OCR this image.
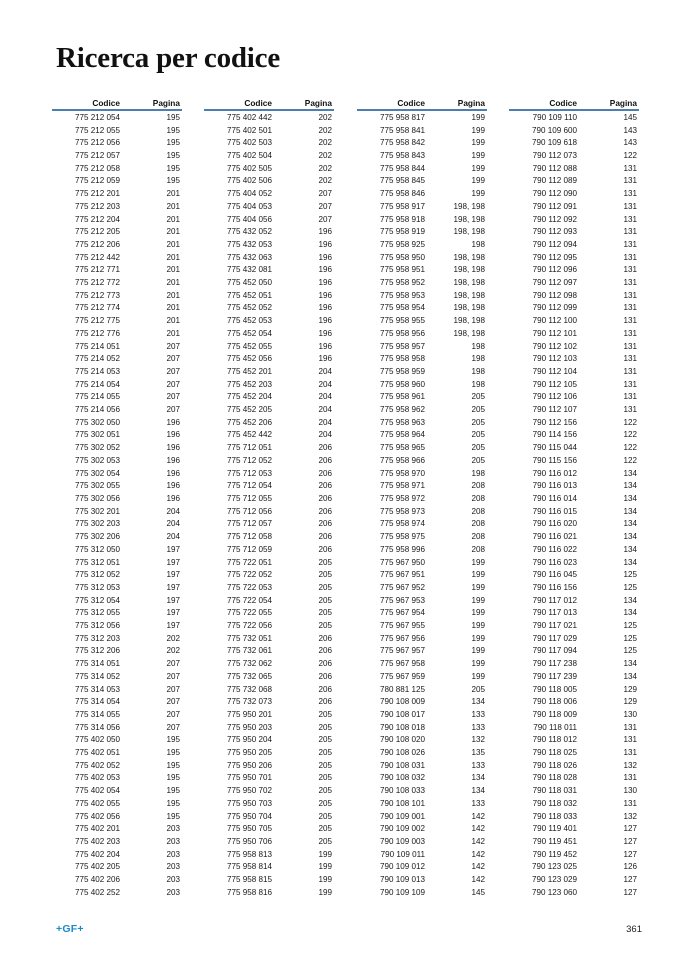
Ricerca per codice
Codice	Pagina
775 212 054	195
775 212 055	195
775 212 056	195
775 212 057	195
775 212 058	195
775 212 059	195
775 212 201	201
775 212 203	201
775 212 204	201
775 212 205	201
775 212 206	201
775 212 442	201
775 212 771	201
775 212 772	201
775 212 773	201
775 212 774	201
775 212 775	201
775 212 776	201
775 214 051	207
775 214 052	207
775 214 053	207
775 214 054	207
775 214 055	207
775 214 056	207
775 302 050	196
775 302 051	196
775 302 052	196
775 302 053	196
775 302 054	196
775 302 055	196
775 302 056	196
775 302 201	204
775 302 203	204
775 302 206	204
775 312 050	197
775 312 051	197
775 312 052	197
775 312 053	197
775 312 054	197
775 312 055	197
775 312 056	197
775 312 203	202
775 312 206	202
775 314 051	207
775 314 052	207
775 314 053	207
775 314 054	207
775 314 055	207
775 314 056	207
775 402 050	195
775 402 051	195
775 402 052	195
775 402 053	195
775 402 054	195
775 402 055	195
775 402 056	195
775 402 201	203
775 402 203	203
775 402 204	203
775 402 205	203
775 402 206	203
775 402 252	203
Codice	Pagina
775 402 442	202
775 402 501	202
775 402 503	202
775 402 504	202
775 402 505	202
775 402 506	202
775 404 052	207
775 404 053	207
775 404 056	207
775 432 052	196
775 432 053	196
775 432 063	196
775 432 081	196
775 452 050	196
775 452 051	196
775 452 052	196
775 452 053	196
775 452 054	196
775 452 055	196
775 452 056	196
775 452 201	204
775 452 203	204
775 452 204	204
775 452 205	204
775 452 206	204
775 452 442	204
775 712 051	206
775 712 052	206
775 712 053	206
775 712 054	206
775 712 055	206
775 712 056	206
775 712 057	206
775 712 058	206
775 712 059	206
775 722 051	205
775 722 052	205
775 722 053	205
775 722 054	205
775 722 055	205
775 722 056	205
775 732 051	206
775 732 061	206
775 732 062	206
775 732 065	206
775 732 068	206
775 732 073	206
775 950 201	205
775 950 203	205
775 950 204	205
775 950 205	205
775 950 206	205
775 950 701	205
775 950 702	205
775 950 703	205
775 950 704	205
775 950 705	205
775 950 706	205
775 958 813	199
775 958 814	199
775 958 815	199
775 958 816	199
Codice	Pagina
775 958 817	199
775 958 841	199
775 958 842	199
775 958 843	199
775 958 844	199
775 958 845	199
775 958 846	199
775 958 917	198, 198
775 958 918	198, 198
775 958 919	198, 198
775 958 925	198
775 958 950	198, 198
775 958 951	198, 198
775 958 952	198, 198
775 958 953	198, 198
775 958 954	198, 198
775 958 955	198, 198
775 958 956	198, 198
775 958 957	198
775 958 958	198
775 958 959	198
775 958 960	198
775 958 961	205
775 958 962	205
775 958 963	205
775 958 964	205
775 958 965	205
775 958 966	205
775 958 970	198
775 958 971	208
775 958 972	208
775 958 973	208
775 958 974	208
775 958 975	208
775 958 996	208
775 967 950	199
775 967 951	199
775 967 952	199
775 967 953	199
775 967 954	199
775 967 955	199
775 967 956	199
775 967 957	199
775 967 958	199
775 967 959	199
780 881 125	205
790 108 009	134
790 108 017	133
790 108 018	133
790 108 020	132
790 108 026	135
790 108 031	133
790 108 032	134
790 108 033	134
790 108 101	133
790 109 001	142
790 109 002	142
790 109 003	142
790 109 011	142
790 109 012	142
790 109 013	142
790 109 109	145
Codice	Pagina
790 109 110	145
790 109 600	143
790 109 618	143
790 112 073	122
790 112 088	131
790 112 089	131
790 112 090	131
790 112 091	131
790 112 092	131
790 112 093	131
790 112 094	131
790 112 095	131
790 112 096	131
790 112 097	131
790 112 098	131
790 112 099	131
790 112 100	131
790 112 101	131
790 112 102	131
790 112 103	131
790 112 104	131
790 112 105	131
790 112 106	131
790 112 107	131
790 112 156	122
790 114 156	122
790 115 044	122
790 115 156	122
790 116 012	134
790 116 013	134
790 116 014	134
790 116 015	134
790 116 020	134
790 116 021	134
790 116 022	134
790 116 023	134
790 116 045	125
790 116 156	125
790 117 012	134
790 117 013	134
790 117 021	125
790 117 029	125
790 117 094	125
790 117 238	134
790 117 239	134
790 118 005	129
790 118 006	129
790 118 009	130
790 118 011	131
790 118 012	131
790 118 025	131
790 118 026	132
790 118 028	131
790 118 031	130
790 118 032	131
790 118 033	132
790 119 401	127
790 119 451	127
790 119 452	127
790 123 025	126
790 123 029	127
790 123 060	127
+GF+	361
